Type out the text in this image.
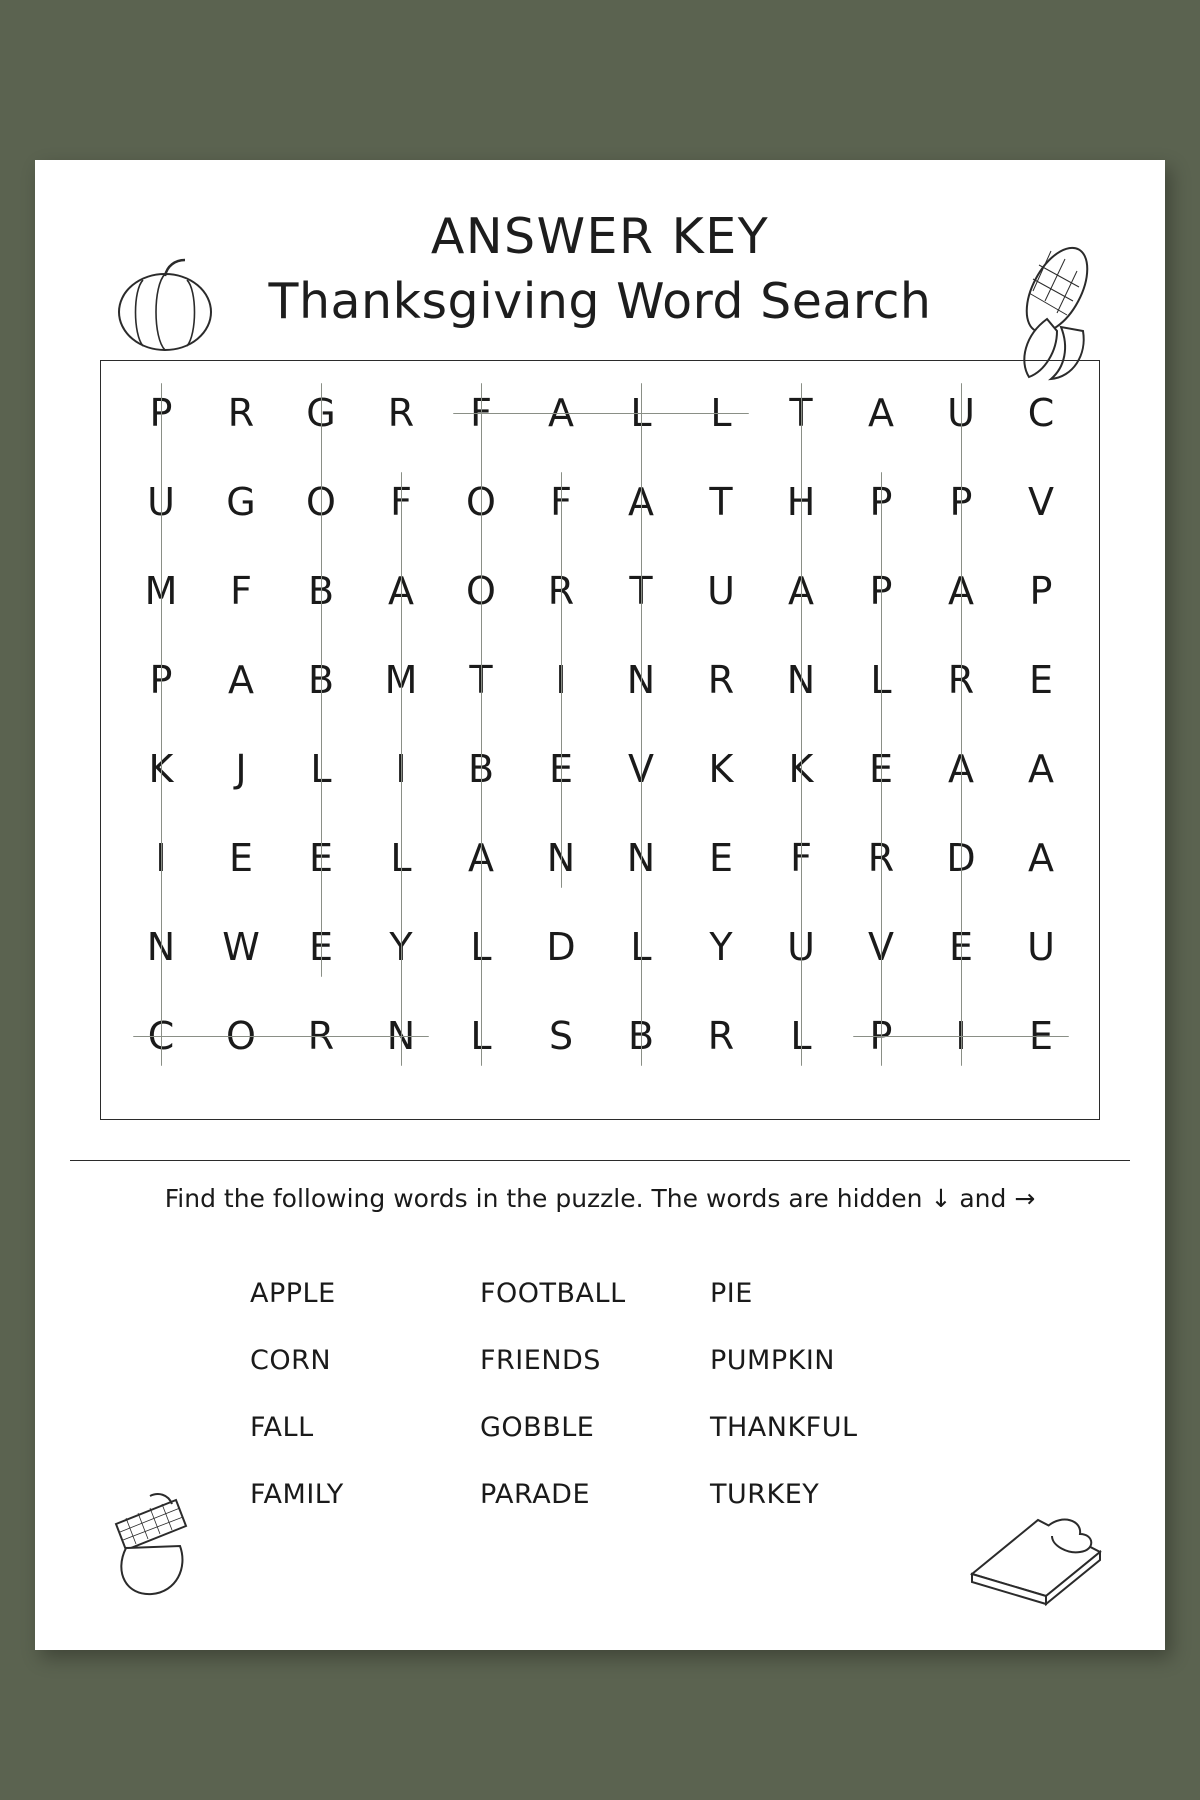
ANSWER KEY
Thanksgiving Word Search
P	R	G	R	F	A	L	L	T	A	U	C
U	G	O	F	O	F	A	T	H	P	P	V
M	F	B	A	O	R	T	U	A	P	A	P
P	A	B	M	T	I	N	R	N	L	R	E
K	J	L	I	B	E	V	K	K	E	A	A
I	E	E	L	A	N	N	E	F	R	D	A
N	W	E	Y	L	D	L	Y	U	V	E	U
C	O	R	N	L	S	B	R	L	P	I	E
Find the following words in the puzzle. The words are hidden ↓ and →
APPLE	FOOTBALL	PIE
CORN	FRIENDS	PUMPKIN
FALL	GOBBLE	THANKFUL
FAMILY	PARADE	TURKEY
